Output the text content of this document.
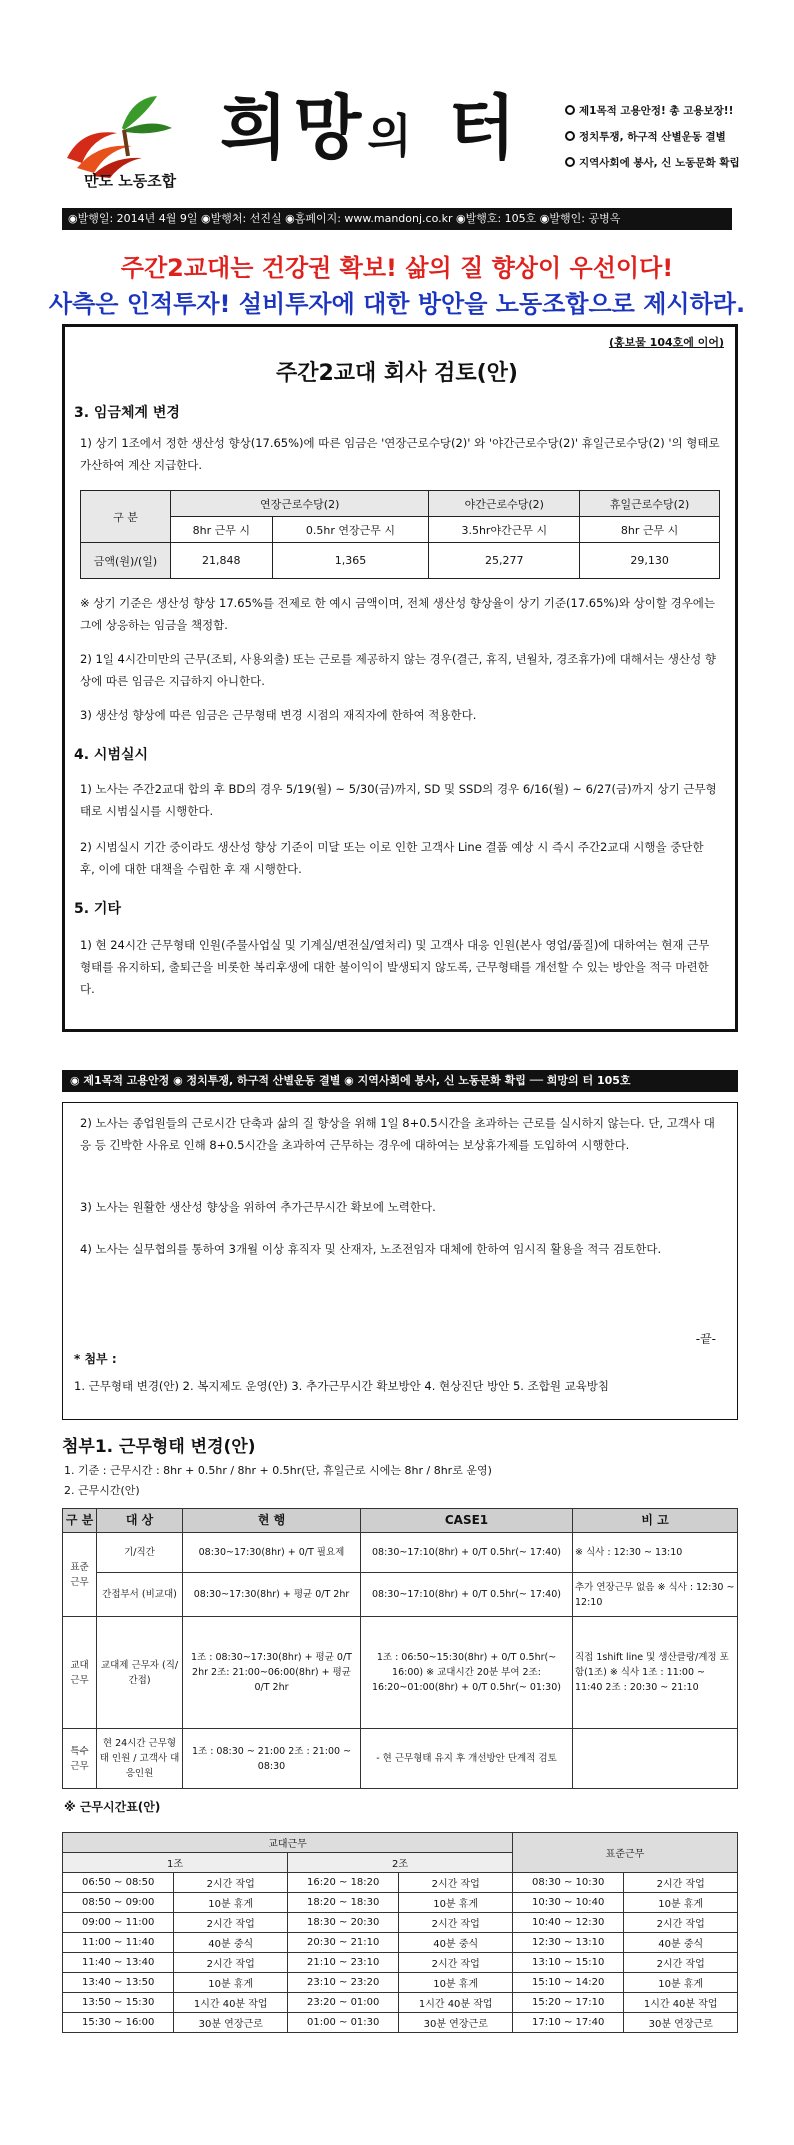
만도 노동조합
희망의 터	제1목적 고용안정! 총 고용보장!!
정치투쟁, 하구적 산별운동 결별
지역사회에 봉사, 신 노동문화 확립
◉발행일: 2014년 4월 9일 ◉발행처: 선진실 ◉홈페이지: www.mandonj.co.kr ◉발행호: 105호 ◉발행인: 공병옥
주간2교대는 건강권 확보! 삶의 질 향상이 우선이다!
사측은 인적투자! 설비투자에 대한 방안을 노동조합으로 제시하라.
(홍보물 104호에 이어)
주간2교대 회사 검토(안)
3. 임금체계 변경
1) 상기 1조에서 정한 생산성 향상(17.65%)에 따른 임금은 '연장근로수당(2)' 와 '야간근로수당(2)' 휴일근로수당(2) '의 형태로 가산하여 계산 지급한다.
구 분	연장근로수당(2)		야간근로수당(2)	휴일근로수당(2)
	8hr 근무 시	0.5hr 연장근무 시	3.5hr야간근무 시	8hr 근무 시
금액(원)/(일)	21,848	1,365	25,277	29,130
※ 상기 기준은 생산성 향상 17.65%를 전제로 한 예시 금액이며, 전체 생산성 향상율이 상기 기준(17.65%)와 상이할 경우에는 그에 상응하는 임금을 책정함.
2) 1일 4시간미만의 근무(조퇴, 사용외출) 또는 근로를 제공하지 않는 경우(결근, 휴직, 년월차, 경조휴가)에 대해서는 생산성 향상에 따른 임금은 지급하지 아니한다.
3) 생산성 향상에 따른 임금은 근무형태 변경 시점의 재직자에 한하여 적용한다.
4. 시범실시
1) 노사는 주간2교대 합의 후 BD의 경우 5/19(월) ~ 5/30(금)까지, SD 및 SSD의 경우 6/16(월) ~ 6/27(금)까지 상기 근무형태로 시범실시를 시행한다.
2) 시범실시 기간 중이라도 생산성 향상 기준이 미달 또는 이로 인한 고객사 Line 결품 예상 시 즉시 주간2교대 시행을 중단한 후, 이에 대한 대책을 수립한 후 재 시행한다.
5. 기타
1) 현 24시간 근무형태 인원(주물사업실 및 기계실/변전실/열처리) 및 고객사 대응 인원(본사 영업/품질)에 대하여는 현재 근무형태를 유지하되, 출퇴근을 비롯한 복리후생에 대한 불이익이 발생되지 않도록, 근무형태를 개선할 수 있는 방안을 적극 마련한다.
◉ 제1목적 고용안정 ◉ 정치투쟁, 하구적 산별운동 결별 ◉ 지역사회에 봉사, 신 노동문화 확립 ── 희망의 터 105호
2) 노사는 종업원들의 근로시간 단축과 삶의 질 향상을 위해 1일 8+0.5시간을 초과하는 근로를 실시하지 않는다. 단, 고객사 대응 등 긴박한 사유로 인해 8+0.5시간을 초과하여 근무하는 경우에 대하여는 보상휴가제를 도입하여 시행한다.
3) 노사는 원활한 생산성 향상을 위하여 추가근무시간 확보에 노력한다.
4) 노사는 실무협의를 통하여 3개월 이상 휴직자 및 산재자, 노조전임자 대체에 한하여 임시직 활용을 적극 검토한다.
-끝-
* 첨부 :
1. 근무형태 변경(안) 2. 복지제도 운영(안) 3. 추가근무시간 확보방안 4. 현상진단 방안 5. 조합원 교육방침
첨부1. 근무형태 변경(안)
1. 기준 : 근무시간 : 8hr + 0.5hr / 8hr + 0.5hr(단, 휴일근로 시에는 8hr / 8hr로 운영)
2. 근무시간(안)
구 분	대 상	현 행	CASE1	비 고
표준 근무	기/직간	08:30~17:30(8hr) + 0/T 필요제	08:30~17:10(8hr) + 0/T 0.5hr(~ 17:40)	※ 식사 : 12:30 ~ 13:10
	간접부서 (비교대)	08:30~17:30(8hr) + 평균 0/T 2hr	08:30~17:10(8hr) + 0/T 0.5hr(~ 17:40)	추가 연장근무 없음 ※ 식사 : 12:30 ~ 12:10
교대 근무	교대제 근무자 (직/간접)	1조 : 08:30~17:30(8hr) + 평균 0/T 2hr 2조: 21:00~06:00(8hr) + 평균 0/T 2hr	1조 : 06:50~15:30(8hr) + 0/T 0.5hr(~ 16:00) ※ 교대시간 20분 부여 2조: 16:20~01:00(8hr) + 0/T 0.5hr(~ 01:30)	직접 1shift line 및 생산클랑/계정 포함(1조) ※ 식사 1조 : 11:00 ~ 11:40 2조 : 20:30 ~ 21:10
특수 근무	현 24시간 근무형태 인원 / 고객사 대응인원	1조 : 08:30 ~ 21:00 2조 : 21:00 ~ 08:30	- 현 근무형태 유지 후 개선방안 단계적 검토	
※ 근무시간표(안)
교대근무				표준근무	
1조		2조			
06:50 ~ 08:50	2시간 작업	16:20 ~ 18:20	2시간 작업	08:30 ~ 10:30	2시간 작업
08:50 ~ 09:00	10분 휴게	18:20 ~ 18:30	10분 휴게	10:30 ~ 10:40	10분 휴게
09:00 ~ 11:00	2시간 작업	18:30 ~ 20:30	2시간 작업	10:40 ~ 12:30	2시간 작업
11:00 ~ 11:40	40분 중식	20:30 ~ 21:10	40분 중식	12:30 ~ 13:10	40분 중식
11:40 ~ 13:40	2시간 작업	21:10 ~ 23:10	2시간 작업	13:10 ~ 15:10	2시간 작업
13:40 ~ 13:50	10분 휴게	23:10 ~ 23:20	10분 휴게	15:10 ~ 14:20	10분 휴게
13:50 ~ 15:30	1시간 40분 작업	23:20 ~ 01:00	1시간 40분 작업	15:20 ~ 17:10	1시간 40분 작업
15:30 ~ 16:00	30분 연장근로	01:00 ~ 01:30	30분 연장근로	17:10 ~ 17:40	30분 연장근로
